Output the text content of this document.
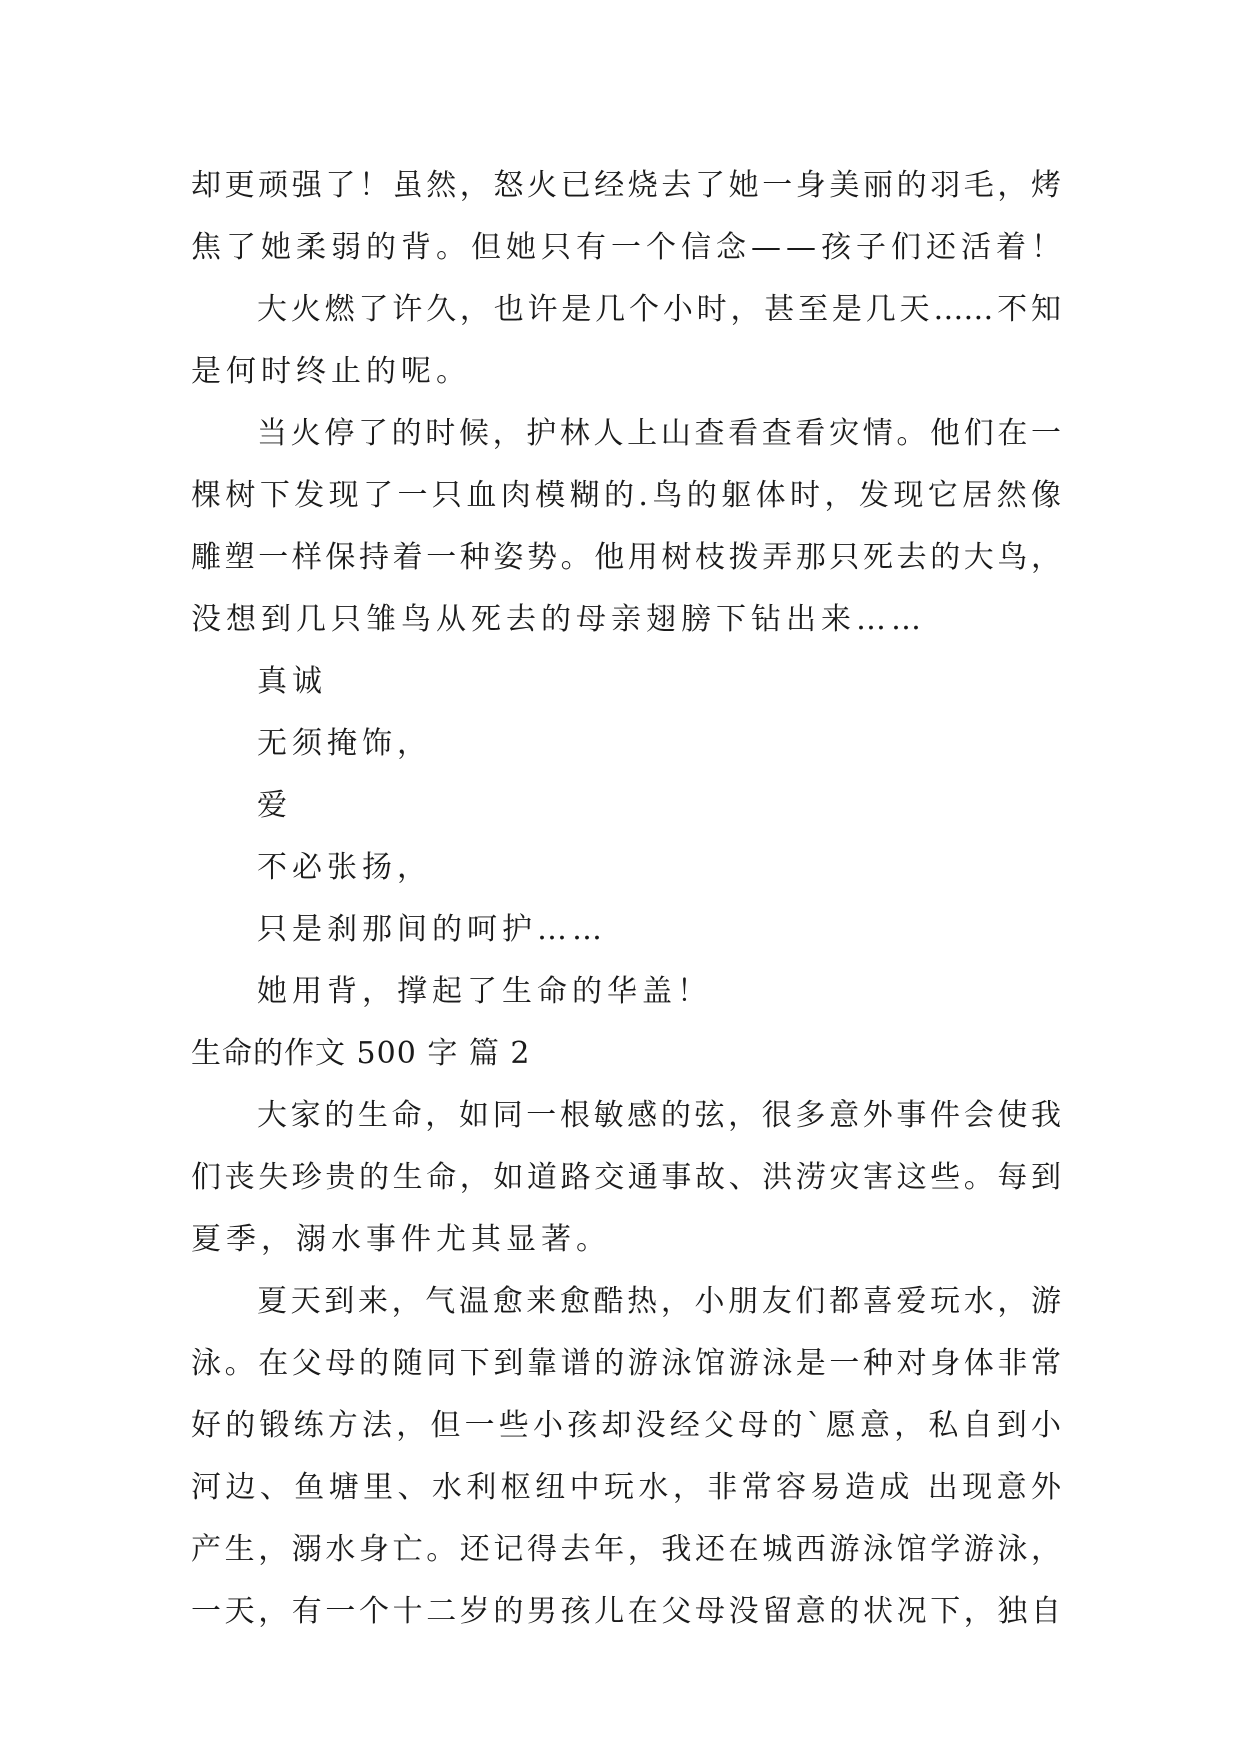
却更顽强了！虽然，怒火已经烧去了她一身美丽的羽毛，烤
焦了她柔弱的背。但她只有一个信念——孩子们还活着！
大火燃了许久，也许是几个小时，甚至是几天……不知
是何时终止的呢。
当火停了的时候，护林人上山查看查看灾情。他们在一
棵树下发现了一只血肉模糊的.鸟的躯体时，发现它居然像
雕塑一样保持着一种姿势。他用树枝拨弄那只死去的大鸟，
没想到几只雏鸟从死去的母亲翅膀下钻出来……
真诚
无须掩饰，
爱
不必张扬，
只是刹那间的呵护……
她用背，撑起了生命的华盖！
生命的作文 500 字 篇 2
大家的生命，如同一根敏感的弦，很多意外事件会使我
们丧失珍贵的生命，如道路交通事故、洪涝灾害这些。每到
夏季，溺水事件尤其显著。
夏天到来，气温愈来愈酷热，小朋友们都喜爱玩水，游
泳。在父母的随同下到靠谱的游泳馆游泳是一种对身体非常
好的锻练方法，但一些小孩却没经父母的`愿意，私自到小
河边、鱼塘里、水利枢纽中玩水，非常容易造成 出现意外
产生，溺水身亡。还记得去年，我还在城西游泳馆学游泳，
一天，有一个十二岁的男孩儿在父母没留意的状况下，独自
